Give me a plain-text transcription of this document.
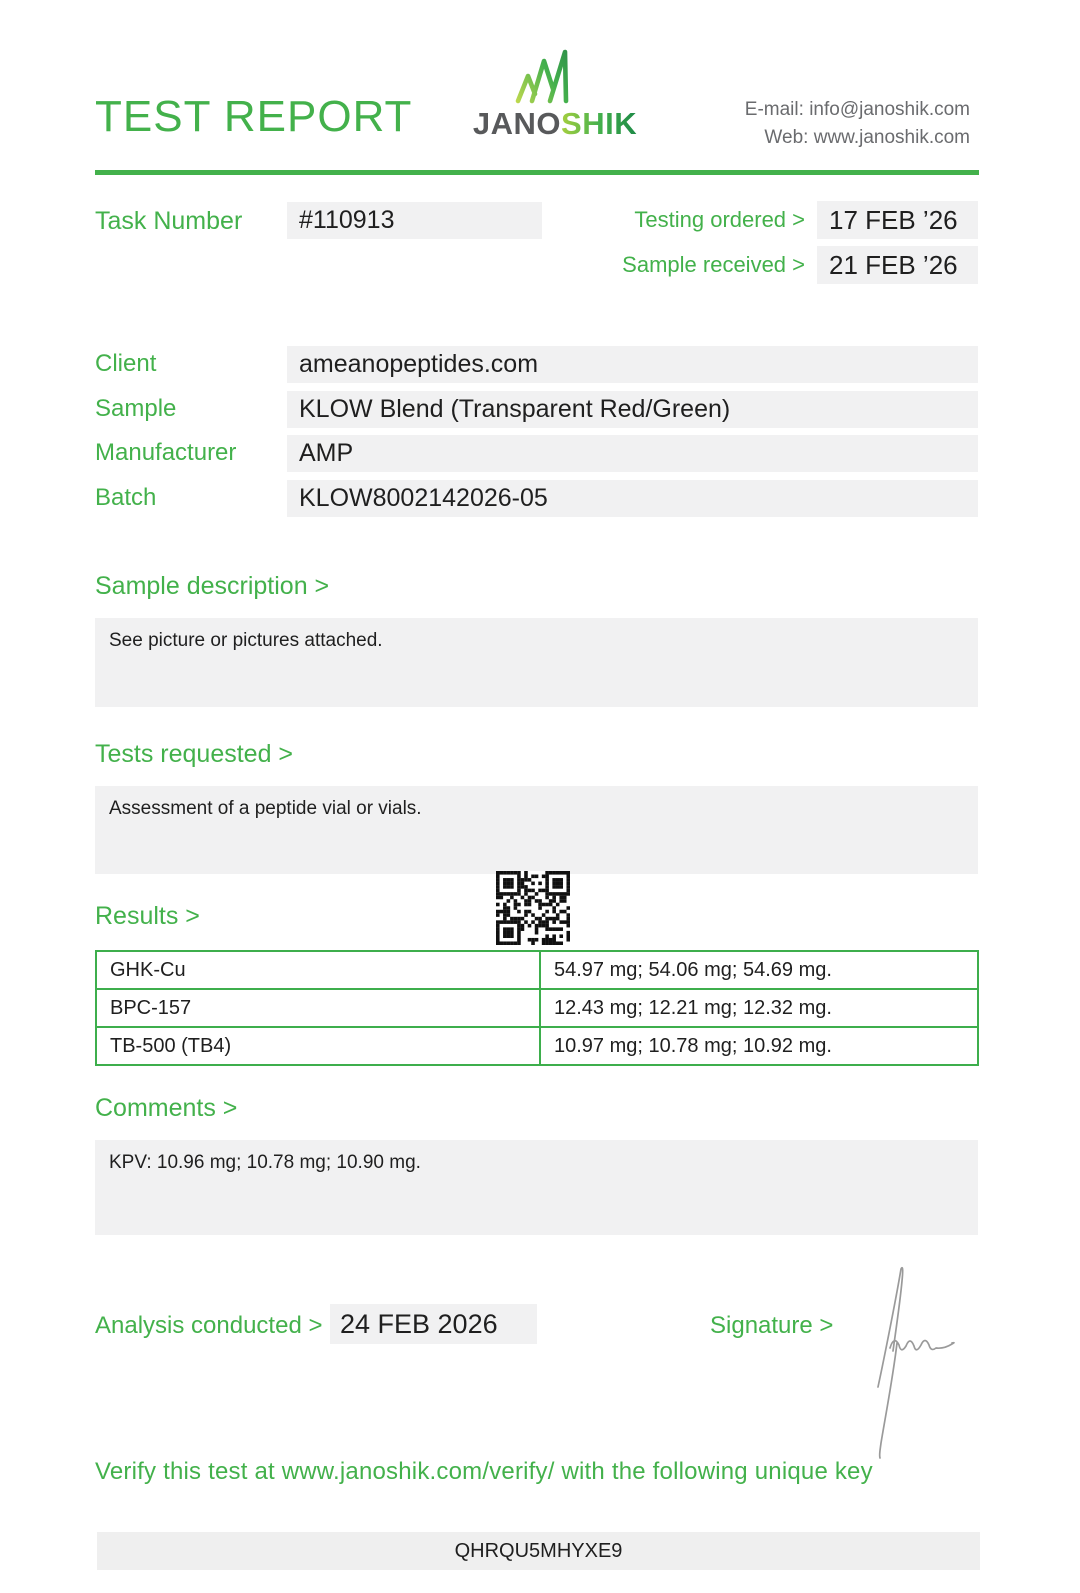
TEST REPORT	JANOSHIK	E-mail: info@janoshik.com
Web: www.janoshik.com
Task Number	#110913	Testing ordered > 17 FEB ’26
Sample received > 21 FEB ’26
Client	ameanopeptides.com
Sample	KLOW Blend (Transparent Red/Green)
Manufacturer	AMP
Batch	KLOW8002142026-05
Sample description >
See picture or pictures attached.
Tests requested >
Assessment of a peptide vial or vials.
Results >
GHK-Cu	54.97 mg; 54.06 mg; 54.69 mg.
BPC-157	12.43 mg; 12.21 mg; 12.32 mg.
TB-500 (TB4)	10.97 mg; 10.78 mg; 10.92 mg.
Comments >
KPV: 10.96 mg; 10.78 mg; 10.90 mg.
Analysis conducted > 24 FEB 2026	Signature >
Verify this test at www.janoshik.com/verify/ with the following unique key
QHRQU5MHYXE9
